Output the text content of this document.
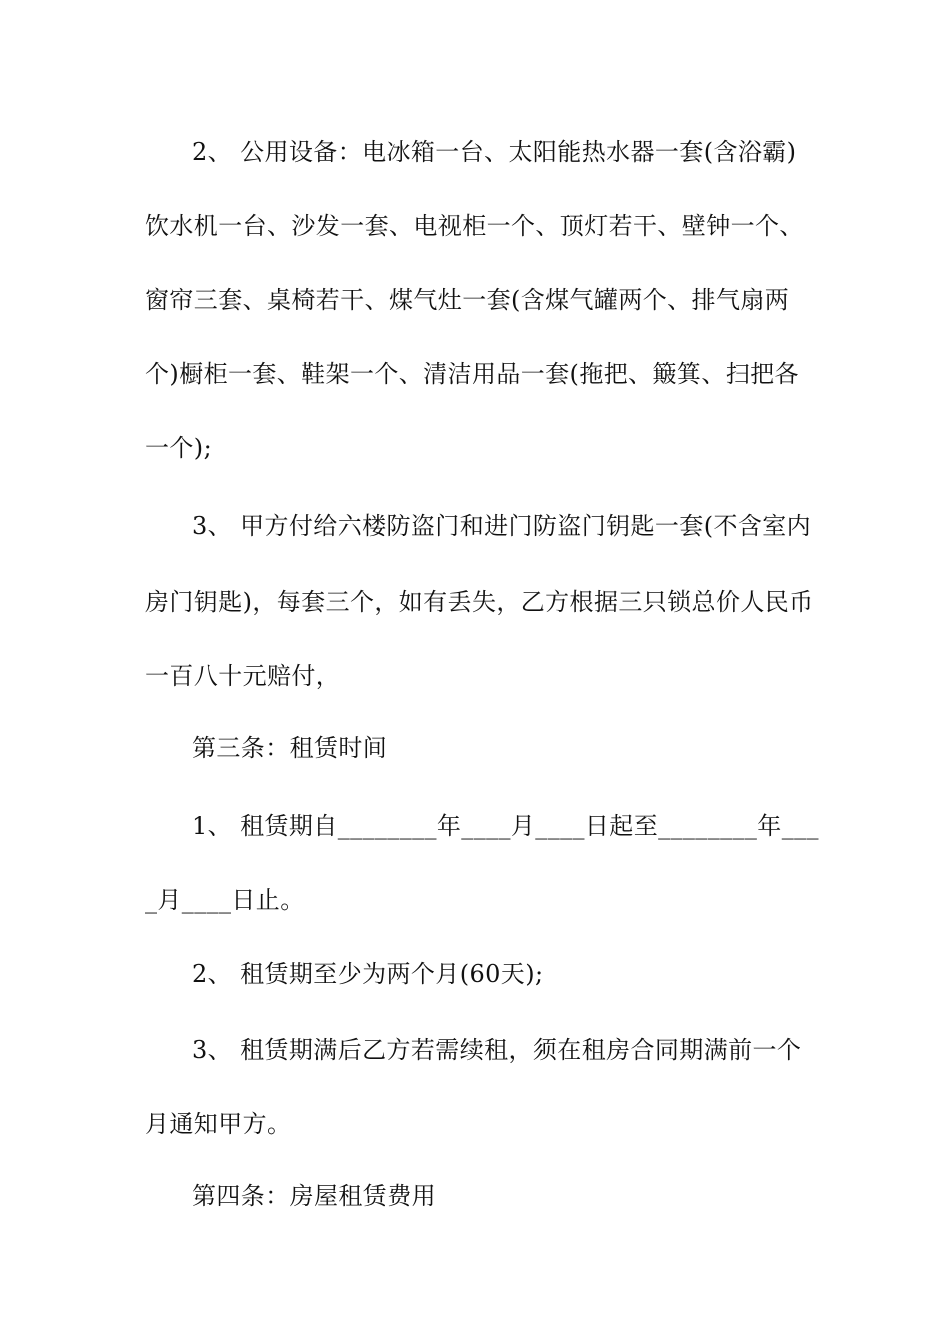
2、 公用设备：电冰箱一台、太阳能热水器一套(含浴霸)
饮水机一台、沙发一套、电视柜一个、顶灯若干、壁钟一个、
窗帘三套、桌椅若干、煤气灶一套(含煤气罐两个、排气扇两
个)橱柜一套、鞋架一个、清洁用品一套(拖把、簸箕、扫把各
一个);
3、 甲方付给六楼防盗门和进门防盗门钥匙一套(不含室内
房门钥匙)，每套三个，如有丢失，乙方根据三只锁总价人民币
一百八十元赔付，
第三条：租赁时间
1、 租赁期自________年____月____日起至________年___
_月____日止。
2、 租赁期至少为两个月(60天);
3、 租赁期满后乙方若需续租，须在租房合同期满前一个
月通知甲方。
第四条：房屋租赁费用
